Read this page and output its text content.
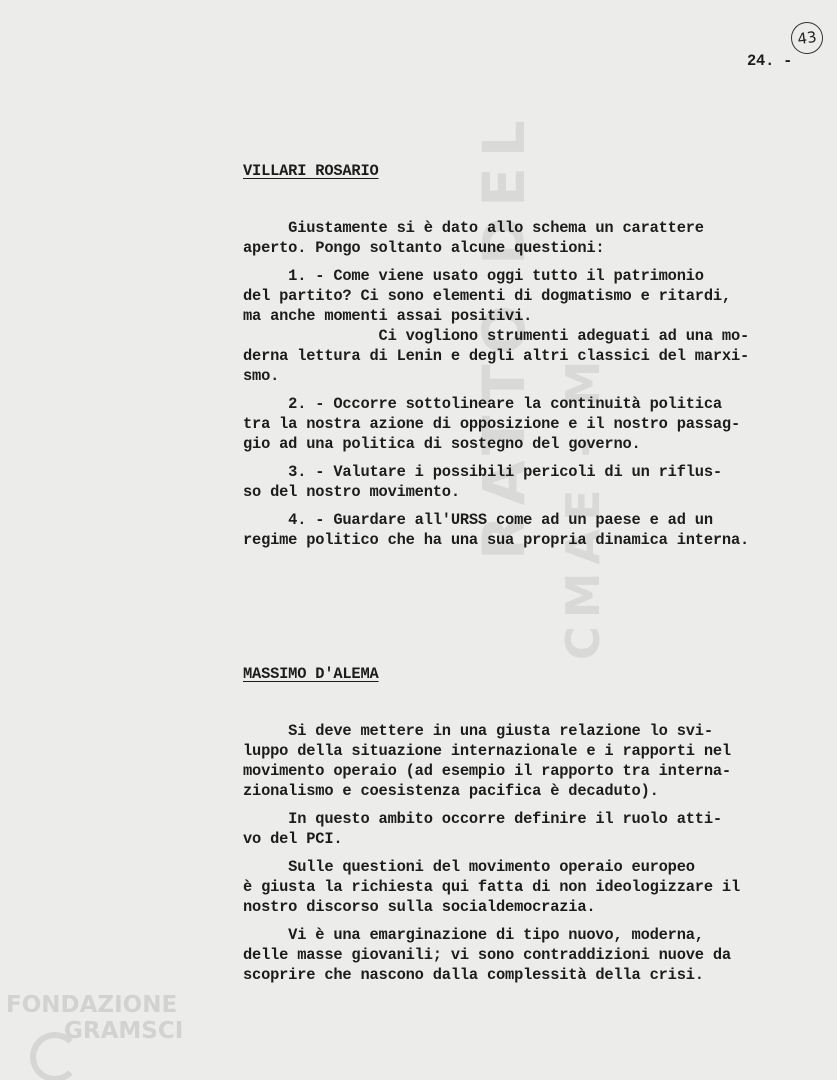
RATTO DEL CMAE - M
43
24. -
VILLARI ROSARIO
Giustamente si è dato allo schema un carattere
aperto. Pongo soltanto alcune questioni:
1. - Come viene usato oggi tutto il patrimonio
del partito? Ci sono elementi di dogmatismo e ritardi,
ma anche momenti assai positivi.
Ci vogliono strumenti adeguati ad una mo-
derna lettura di Lenin e degli altri classici del marxi-
smo.
2. - Occorre sottolineare la continuità politica
tra la nostra azione di opposizione e il nostro passag-
gio ad una politica di sostegno del governo.
3. - Valutare i possibili pericoli di un riflus-
so del nostro movimento.
4. - Guardare all'URSS come ad un paese e ad un
regime politico che ha una sua propria dinamica interna.
MASSIMO D'ALEMA
Si deve mettere in una giusta relazione lo svi-
luppo della situazione internazionale e i rapporti nel
movimento operaio (ad esempio il rapporto tra interna-
zionalismo e coesistenza pacifica è decaduto).
In questo ambito occorre definire il ruolo atti-
vo del PCI.
Sulle questioni del movimento operaio europeo
è giusta la richiesta qui fatta di non ideologizzare il
nostro discorso sulla socialdemocrazia.
Vi è una emarginazione di tipo nuovo, moderna,
delle masse giovanili; vi sono contraddizioni nuove da
scoprire che nascono dalla complessità della crisi.
FONDAZIONE
GRAMSCI
